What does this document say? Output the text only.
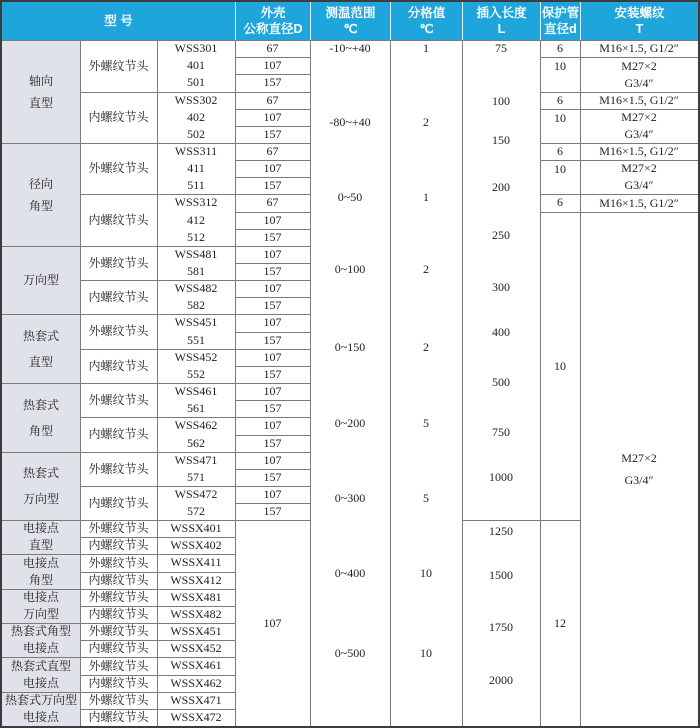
型 号
外壳
公称直径D
测温范围
℃
分格值
℃
插入长度
L
保护管
直径d
安装螺纹
T
轴向
直型
径向
角型
万向型
热套式
直型
热套式
角型
热套式
万向型
电接点
直型
电接点
角型
电接点
万向型
热套式角型
电接点
热套式直型
电接点
热套式万向型
电接点
外螺纹节头
内螺纹节头
外螺纹节头
内螺纹节头
外螺纹节头
内螺纹节头
外螺纹节头
内螺纹节头
外螺纹节头
内螺纹节头
外螺纹节头
内螺纹节头
外螺纹节头
内螺纹节头
外螺纹节头
内螺纹节头
外螺纹节头
内螺纹节头
外螺纹节头
内螺纹节头
外螺纹节头
内螺纹节头
外螺纹节头
内螺纹节头
WSS301
401
501
WSS302
402
502
WSS311
411
511
WSS312
412
512
WSS481
581
WSS482
582
WSS451
551
WSS452
552
WSS461
561
WSS462
562
WSS471
571
WSS472
572
WSSX401
WSSX402
WSSX411
WSSX412
WSSX481
WSSX482
WSSX451
WSSX452
WSSX461
WSSX462
WSSX471
WSSX472
67
107
157
67
107
157
67
107
157
67
107
157
107
157
107
157
107
157
107
157
107
157
107
157
107
157
107
157
107
-10~+40
-80~+40
0~50
0~100
0~150
0~200
0~300
0~400
0~500
1
2
1
2
2
5
5
10
10
75
100
150
200
250
300
400
500
750
1000
1250
1500
1750
2000
6
10
6
10
6
10
6
10
12
M16×1.5, G1/2″
M27×2
G3/4″
M16×1.5, G1/2″
M27×2
G3/4″
M16×1.5, G1/2″
M27×2
G3/4″
M16×1.5, G1/2″
M27×2
G3/4″
